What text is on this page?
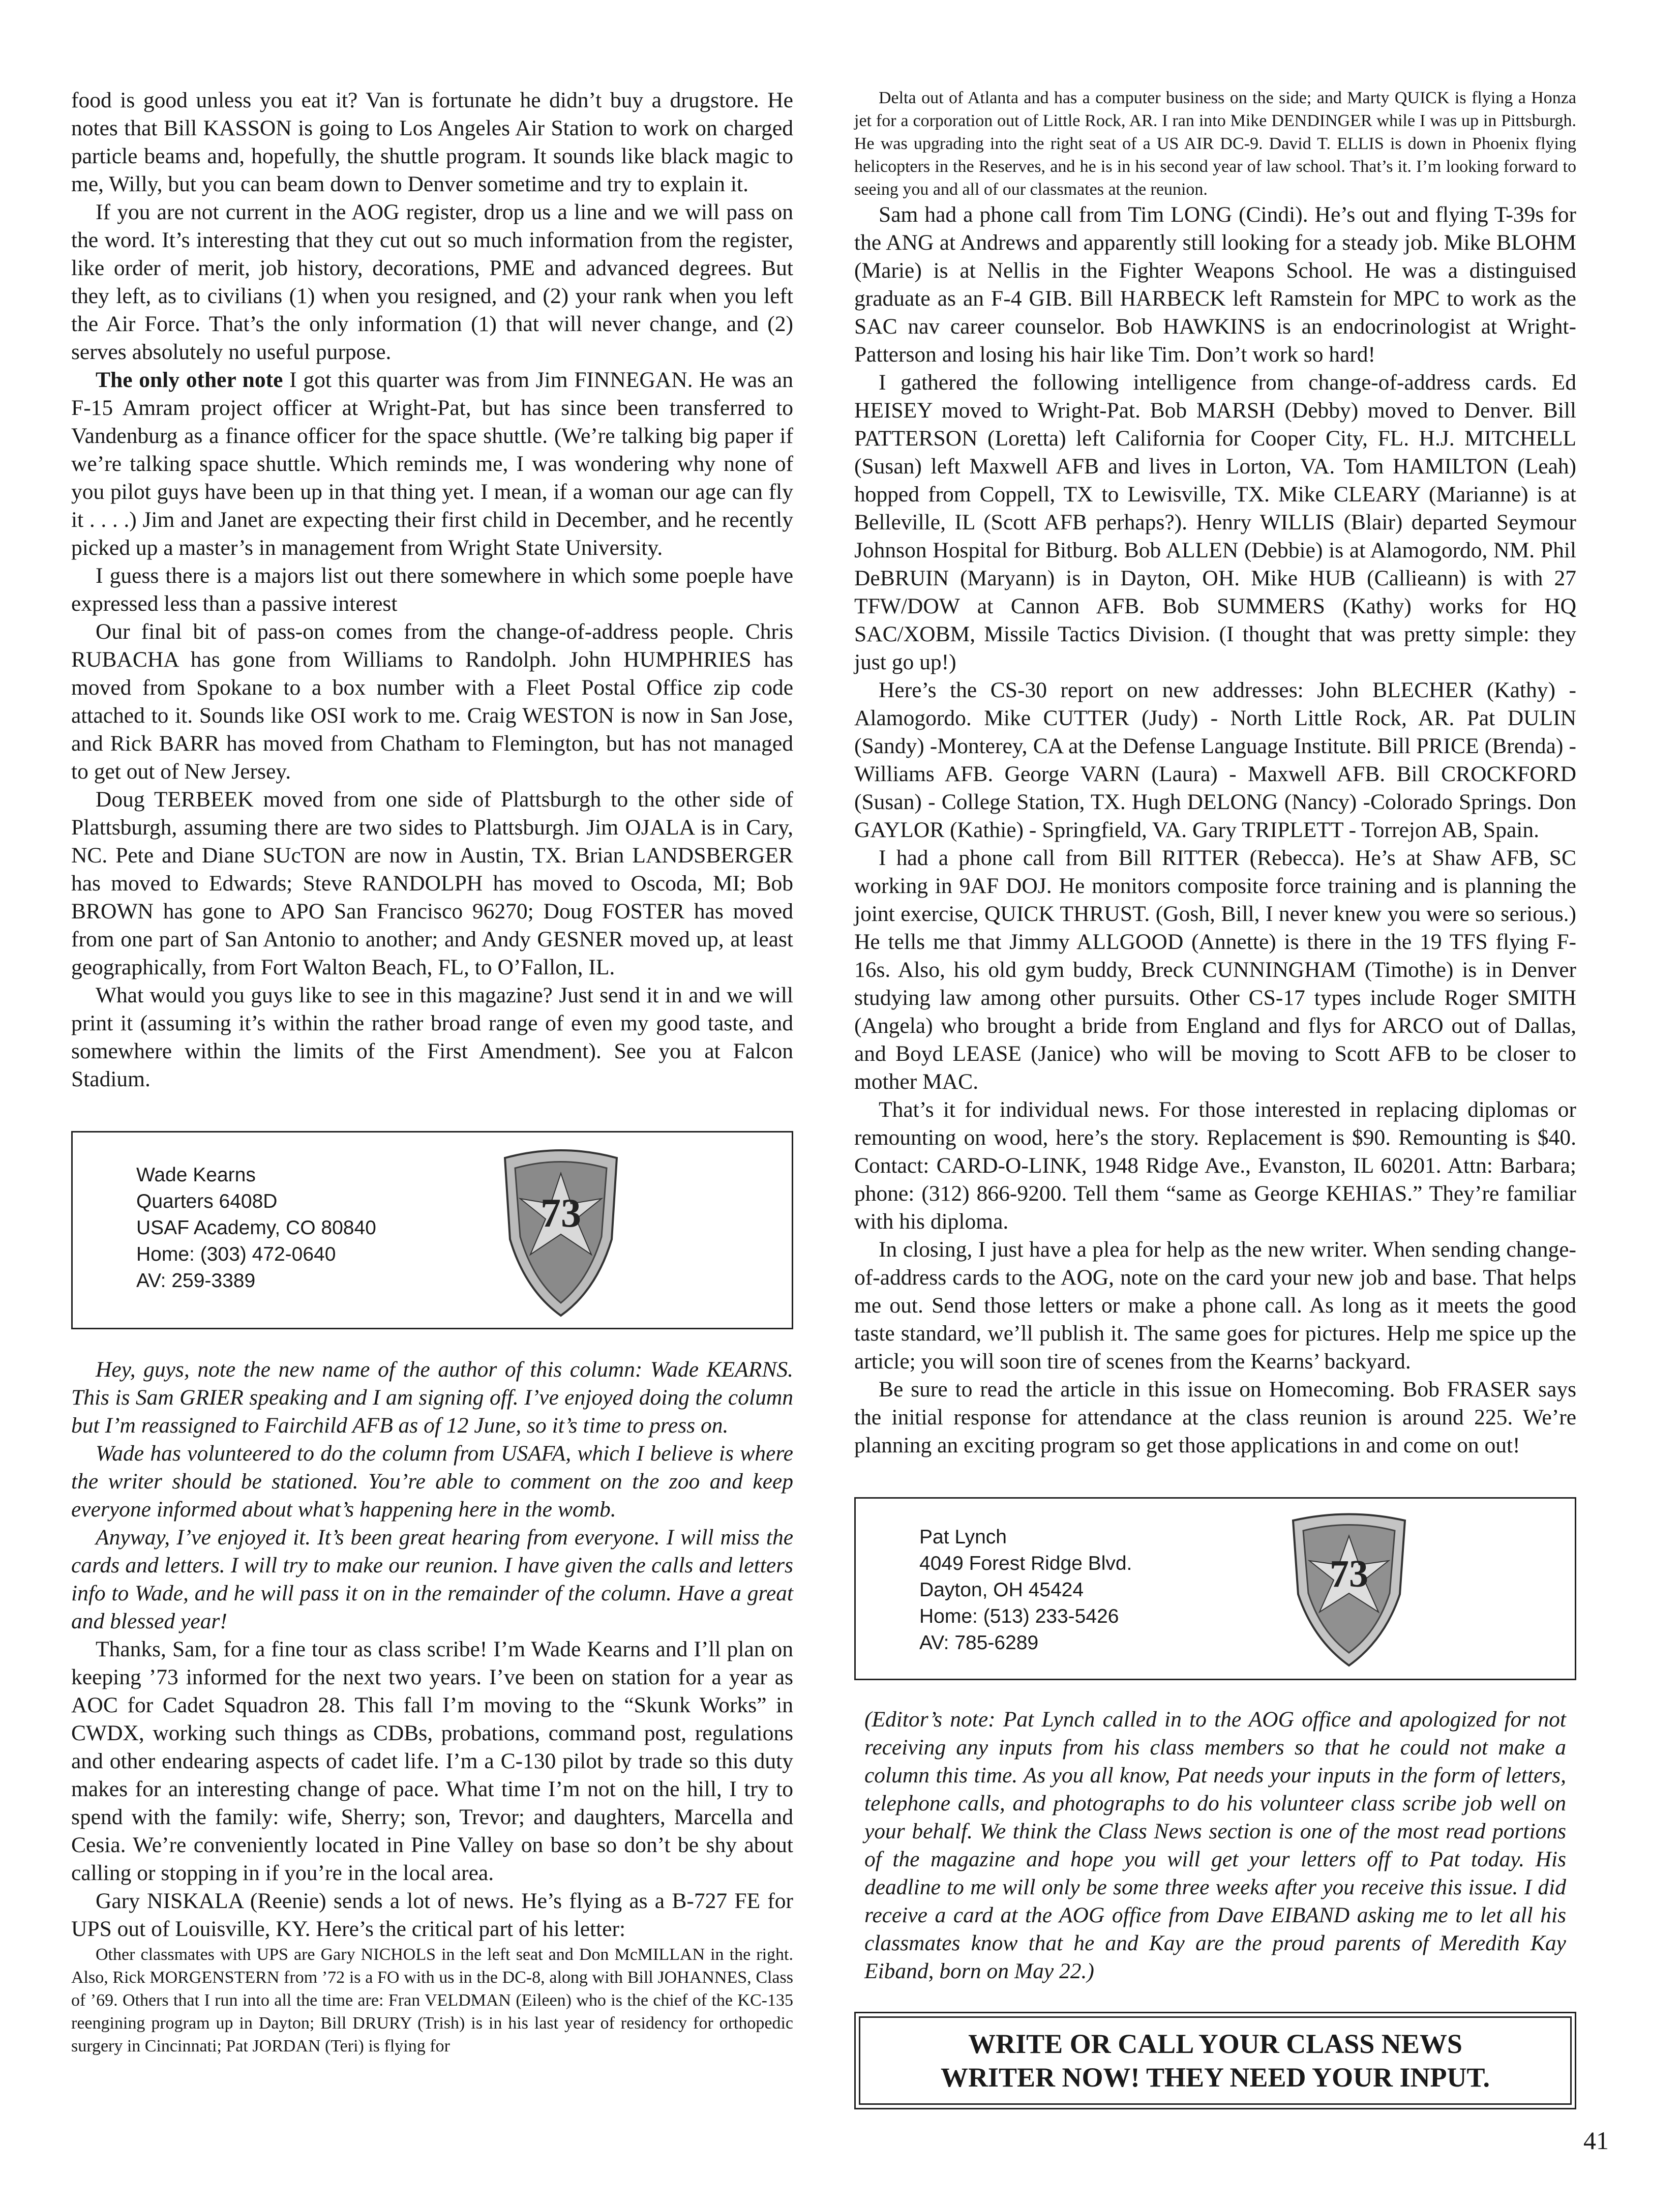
food is good unless you eat it? Van is fortunate he didn’t buy a drugstore. He notes that Bill KASSON is going to Los Angeles Air Station to work on charged particle beams and, hopefully, the shuttle program. It sounds like black magic to me, Willy, but you can beam down to Denver sometime and try to explain it.

If you are not current in the AOG register, drop us a line and we will pass on the word. It’s interesting that they cut out so much information from the register, like order of merit, job history, decorations, PME and advanced degrees. But they left, as to civilians (1) when you resigned, and (2) your rank when you left the Air Force. That’s the only information (1) that will never change, and (2) serves absolutely no useful purpose.

The only other note I got this quarter was from Jim FINNEGAN. He was an F-15 Amram project officer at Wright-Pat, but has since been transferred to Vandenburg as a finance officer for the space shuttle. (We’re talking big paper if we’re talking space shuttle. Which reminds me, I was wondering why none of you pilot guys have been up in that thing yet. I mean, if a woman our age can fly it . . . .) Jim and Janet are expecting their first child in December, and he recently picked up a master’s in management from Wright State University.

I guess there is a majors list out there somewhere in which some poeple have expressed less than a passive interest

Our final bit of pass-on comes from the change-of-address people. Chris RUBACHA has gone from Williams to Randolph. John HUMPHRIES has moved from Spokane to a box number with a Fleet Postal Office zip code attached to it. Sounds like OSI work to me. Craig WESTON is now in San Jose, and Rick BARR has moved from Chatham to Flemington, but has not managed to get out of New Jersey.

Doug TERBEEK moved from one side of Plattsburgh to the other side of Plattsburgh, assuming there are two sides to Plattsburgh. Jim OJALA is in Cary, NC. Pete and Diane SUcTON are now in Austin, TX. Brian LANDSBERGER has moved to Edwards; Steve RANDOLPH has moved to Oscoda, MI; Bob BROWN has gone to APO San Francisco 96270; Doug FOSTER has moved from one part of San Antonio to another; and Andy GESNER moved up, at least geographically, from Fort Walton Beach, FL, to O’Fallon, IL.

What would you guys like to see in this magazine? Just send it in and we will print it (assuming it’s within the rather broad range of even my good taste, and somewhere within the limits of the First Amendment). See you at Falcon Stadium.

Wade Kearns
Quarters 6408D
USAF Academy, CO 80840
Home: (303) 472-0640
AV: 259-3389
73

Hey, guys, note the new name of the author of this column: Wade KEARNS. This is Sam GRIER speaking and I am signing off. I’ve enjoyed doing the column but I’m reassigned to Fairchild AFB as of 12 June, so it’s time to press on.

Wade has volunteered to do the column from USAFA, which I believe is where the writer should be stationed. You’re able to comment on the zoo and keep everyone informed about what’s happening here in the womb.

Anyway, I’ve enjoyed it. It’s been great hearing from everyone. I will miss the cards and letters. I will try to make our reunion. I have given the calls and letters info to Wade, and he will pass it on in the remainder of the column. Have a great and blessed year!

Thanks, Sam, for a fine tour as class scribe! I’m Wade Kearns and I’ll plan on keeping ’73 informed for the next two years. I’ve been on station for a year as AOC for Cadet Squadron 28. This fall I’m moving to the “Skunk Works” in CWDX, working such things as CDBs, probations, command post, regulations and other endearing aspects of cadet life. I’m a C-130 pilot by trade so this duty makes for an interesting change of pace. What time I’m not on the hill, I try to spend with the family: wife, Sherry; son, Trevor; and daughters, Marcella and Cesia. We’re conveniently located in Pine Valley on base so don’t be shy about calling or stopping in if you’re in the local area.

Gary NISKALA (Reenie) sends a lot of news. He’s flying as a B-727 FE for UPS out of Louisville, KY. Here’s the critical part of his letter:

Other classmates with UPS are Gary NICHOLS in the left seat and Don McMILLAN in the right. Also, Rick MORGENSTERN from ’72 is a FO with us in the DC-8, along with Bill JOHANNES, Class of ’69. Others that I run into all the time are: Fran VELDMAN (Eileen) who is the chief of the KC-135 reengining program up in Dayton; Bill DRURY (Trish) is in his last year of residency for orthopedic surgery in Cincinnati; Pat JORDAN (Teri) is flying for

Delta out of Atlanta and has a computer business on the side; and Marty QUICK is flying a Honza jet for a corporation out of Little Rock, AR. I ran into Mike DENDINGER while I was up in Pittsburgh. He was upgrading into the right seat of a US AIR DC-9. David T. ELLIS is down in Phoenix flying helicopters in the Reserves, and he is in his second year of law school. That’s it. I’m looking forward to seeing you and all of our classmates at the reunion.

Sam had a phone call from Tim LONG (Cindi). He’s out and flying T-39s for the ANG at Andrews and apparently still looking for a steady job. Mike BLOHM (Marie) is at Nellis in the Fighter Weapons School. He was a distinguised graduate as an F-4 GIB. Bill HARBECK left Ramstein for MPC to work as the SAC nav career counselor. Bob HAWKINS is an endocrinologist at Wright-Patterson and losing his hair like Tim. Don’t work so hard!

I gathered the following intelligence from change-of-address cards. Ed HEISEY moved to Wright-Pat. Bob MARSH (Debby) moved to Denver. Bill PATTERSON (Loretta) left California for Cooper City, FL. H.J. MITCHELL (Susan) left Maxwell AFB and lives in Lorton, VA. Tom HAMILTON (Leah) hopped from Coppell, TX to Lewisville, TX. Mike CLEARY (Marianne) is at Belleville, IL (Scott AFB perhaps?). Henry WILLIS (Blair) departed Seymour Johnson Hospital for Bitburg. Bob ALLEN (Debbie) is at Alamogordo, NM. Phil DeBRUIN (Maryann) is in Dayton, OH. Mike HUB (Callieann) is with 27 TFW/DOW at Cannon AFB. Bob SUMMERS (Kathy) works for HQ SAC/XOBM, Missile Tactics Division. (I thought that was pretty simple: they just go up!)

Here’s the CS-30 report on new addresses: John BLECHER (Kathy) -Alamogordo. Mike CUTTER (Judy) - North Little Rock, AR. Pat DULIN (Sandy) -Monterey, CA at the Defense Language Institute. Bill PRICE (Brenda) -Williams AFB. George VARN (Laura) - Maxwell AFB. Bill CROCKFORD (Susan) - College Station, TX. Hugh DELONG (Nancy) -Colorado Springs. Don GAYLOR (Kathie) - Springfield, VA. Gary TRIPLETT - Torrejon AB, Spain.

I had a phone call from Bill RITTER (Rebecca). He’s at Shaw AFB, SC working in 9AF DOJ. He monitors composite force training and is planning the joint exercise, QUICK THRUST. (Gosh, Bill, I never knew you were so serious.) He tells me that Jimmy ALLGOOD (Annette) is there in the 19 TFS flying F-16s. Also, his old gym buddy, Breck CUNNINGHAM (Timothe) is in Denver studying law among other pursuits. Other CS-17 types include Roger SMITH (Angela) who brought a bride from England and flys for ARCO out of Dallas, and Boyd LEASE (Janice) who will be moving to Scott AFB to be closer to mother MAC.

That’s it for individual news. For those interested in replacing diplomas or remounting on wood, here’s the story. Replacement is $90. Remounting is $40. Contact: CARD-O-LINK, 1948 Ridge Ave., Evanston, IL 60201. Attn: Barbara; phone: (312) 866-9200. Tell them “same as George KEHIAS.” They’re familiar with his diploma.

In closing, I just have a plea for help as the new writer. When sending change-of-address cards to the AOG, note on the card your new job and base. That helps me out. Send those letters or make a phone call. As long as it meets the good taste standard, we’ll publish it. The same goes for pictures. Help me spice up the article; you will soon tire of scenes from the Kearns’ backyard.

Be sure to read the article in this issue on Homecoming. Bob FRASER says the initial response for attendance at the class reunion is around 225. We’re planning an exciting program so get those applications in and come on out!

Pat Lynch
4049 Forest Ridge Blvd.
Dayton, OH 45424
Home: (513) 233-5426
AV: 785-6289
73

(Editor’s note: Pat Lynch called in to the AOG office and apologized for not receiving any inputs from his class members so that he could not make a column this time. As you all know, Pat needs your inputs in the form of letters, telephone calls, and photographs to do his volunteer class scribe job well on your behalf. We think the Class News section is one of the most read portions of the magazine and hope you will get your letters off to Pat today. His deadline to me will only be some three weeks after you receive this issue. I did receive a card at the AOG office from Dave EIBAND asking me to let all his classmates know that he and Kay are the proud parents of Meredith Kay Eiband, born on May 22.)

WRITE OR CALL YOUR CLASS NEWS
WRITER NOW! THEY NEED YOUR INPUT.
41
